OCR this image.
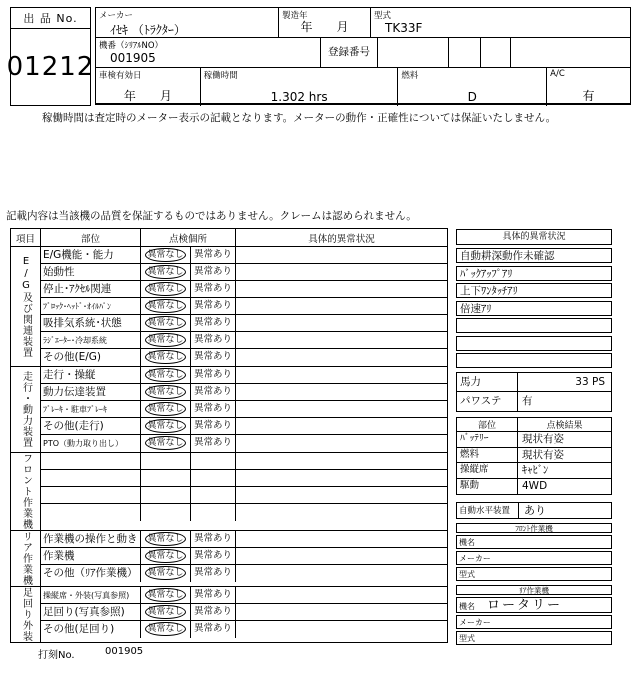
出 品 No.
01212
メーカー
ｲｾｷ （ﾄﾗｸﾀｰ）
製造年
年　　月
型式
TK33F
機番（ｼﾘｱﾙNO）
001905	登録番号
車検有効日
年　　月
稼働時間
1.302 hrs
燃料
D
A/C
有
稼働時間は査定時のメーター表示の記載となります。メーターの動作・正確性については保証いたしません。
記載内容は当該機の品質を保証するものではありません。クレームは認められません。
項目	部位	点検個所	具体的異常状況
E/G及び関連装置
E/G機能・能力	異常なし	異常あり
始動性	異常なし	異常あり
停止･ｱｸｾﾙ関連	異常なし	異常あり
ﾌﾞﾛｯｸ･ﾍｯﾄﾞ･ｵｲﾙﾊﾟﾝ	異常なし	異常あり
吸排気系統･状態	異常なし	異常あり
ﾗｼﾞｴｰﾀｰ･冷却系統	異常なし	異常あり
その他(E/G)	異常なし	異常あり
走行・動力装置	走行・操縦	異常なし	異常あり
動力伝達装置	異常なし	異常あり
ﾌﾞﾚｰｷ・駐車ﾌﾞﾚｰｷ	異常なし	異常あり
その他(走行)	異常なし	異常あり
PTO（動力取り出し）	異常なし	異常あり
フロント作業機
リア作業機	作業機の操作と動き	異常なし	異常あり
作業機	異常なし	異常あり
その他（ﾘｱ作業機）	異常なし	異常あり
足回り外装	操縦席・外装(写真参照)	異常なし	異常あり
足回り(写真参照)	異常なし	異常あり
その他(足回り)	異常なし	異常あり
具体的異常状況
自動耕深動作未確認
ﾊﾞｯｸｱｯﾌﾟｱﾘ
上下ﾜﾝﾀｯﾁｱﾘ
倍速ｱﾘ
馬力	33 PS
パワステ	有
部位	点検結果
ﾊﾞｯﾃﾘｰ	現状有姿
燃料	現状有姿
操縦席	ｷｬﾋﾞﾝ
駆動	4WD
自動水平装置	あり
ﾌﾛﾝﾄ作業機
機名
メーカー
型式
ﾘｱ作業機
機名 ロータリー
メーカー
型式
打刻No.	001905
